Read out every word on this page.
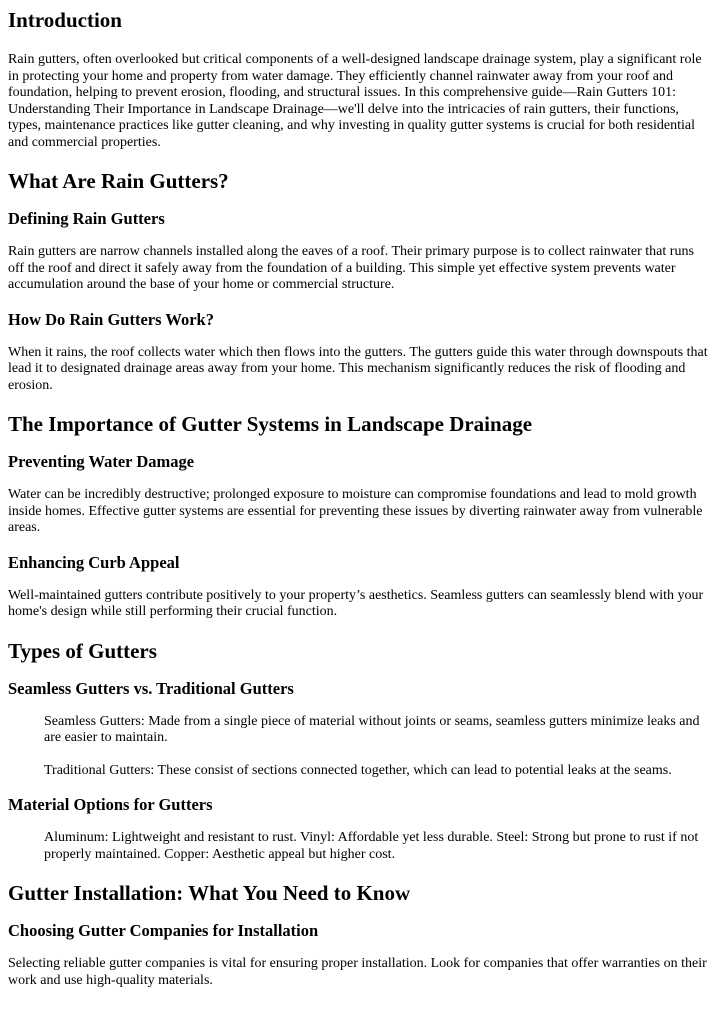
Introduction

Rain gutters, often overlooked but critical components of a well-designed landscape drainage system, play a significant role in protecting your home and property from water damage. They efficiently channel rainwater away from your roof and foundation, helping to prevent erosion, flooding, and structural issues. In this comprehensive guide—Rain Gutters 101: Understanding Their Importance in Landscape Drainage—we'll delve into the intricacies of rain gutters, their functions, types, maintenance practices like gutter cleaning, and why investing in quality gutter systems is crucial for both residential and commercial properties.

What Are Rain Gutters?
Defining Rain Gutters

Rain gutters are narrow channels installed along the eaves of a roof. Their primary purpose is to collect rainwater that runs off the roof and direct it safely away from the foundation of a building. This simple yet effective system prevents water accumulation around the base of your home or commercial structure.

How Do Rain Gutters Work?

When it rains, the roof collects water which then flows into the gutters. The gutters guide this water through downspouts that lead it to designated drainage areas away from your home. This mechanism significantly reduces the risk of flooding and erosion.

The Importance of Gutter Systems in Landscape Drainage
Preventing Water Damage

Water can be incredibly destructive; prolonged exposure to moisture can compromise foundations and lead to mold growth inside homes. Effective gutter systems are essential for preventing these issues by diverting rainwater away from vulnerable areas.

Enhancing Curb Appeal

Well-maintained gutters contribute positively to your property’s aesthetics. Seamless gutters can seamlessly blend with your home's design while still performing their crucial function.

Types of Gutters
Seamless Gutters vs. Traditional Gutters

Seamless Gutters: Made from a single piece of material without joints or seams, seamless gutters minimize leaks and are easier to maintain.

Traditional Gutters: These consist of sections connected together, which can lead to potential leaks at the seams.

Material Options for Gutters

Aluminum: Lightweight and resistant to rust. Vinyl: Affordable yet less durable. Steel: Strong but prone to rust if not properly maintained. Copper: Aesthetic appeal but higher cost.

Gutter Installation: What You Need to Know
Choosing Gutter Companies for Installation

Selecting reliable gutter companies is vital for ensuring proper installation. Look for companies that offer warranties on their work and use high-quality materials.
